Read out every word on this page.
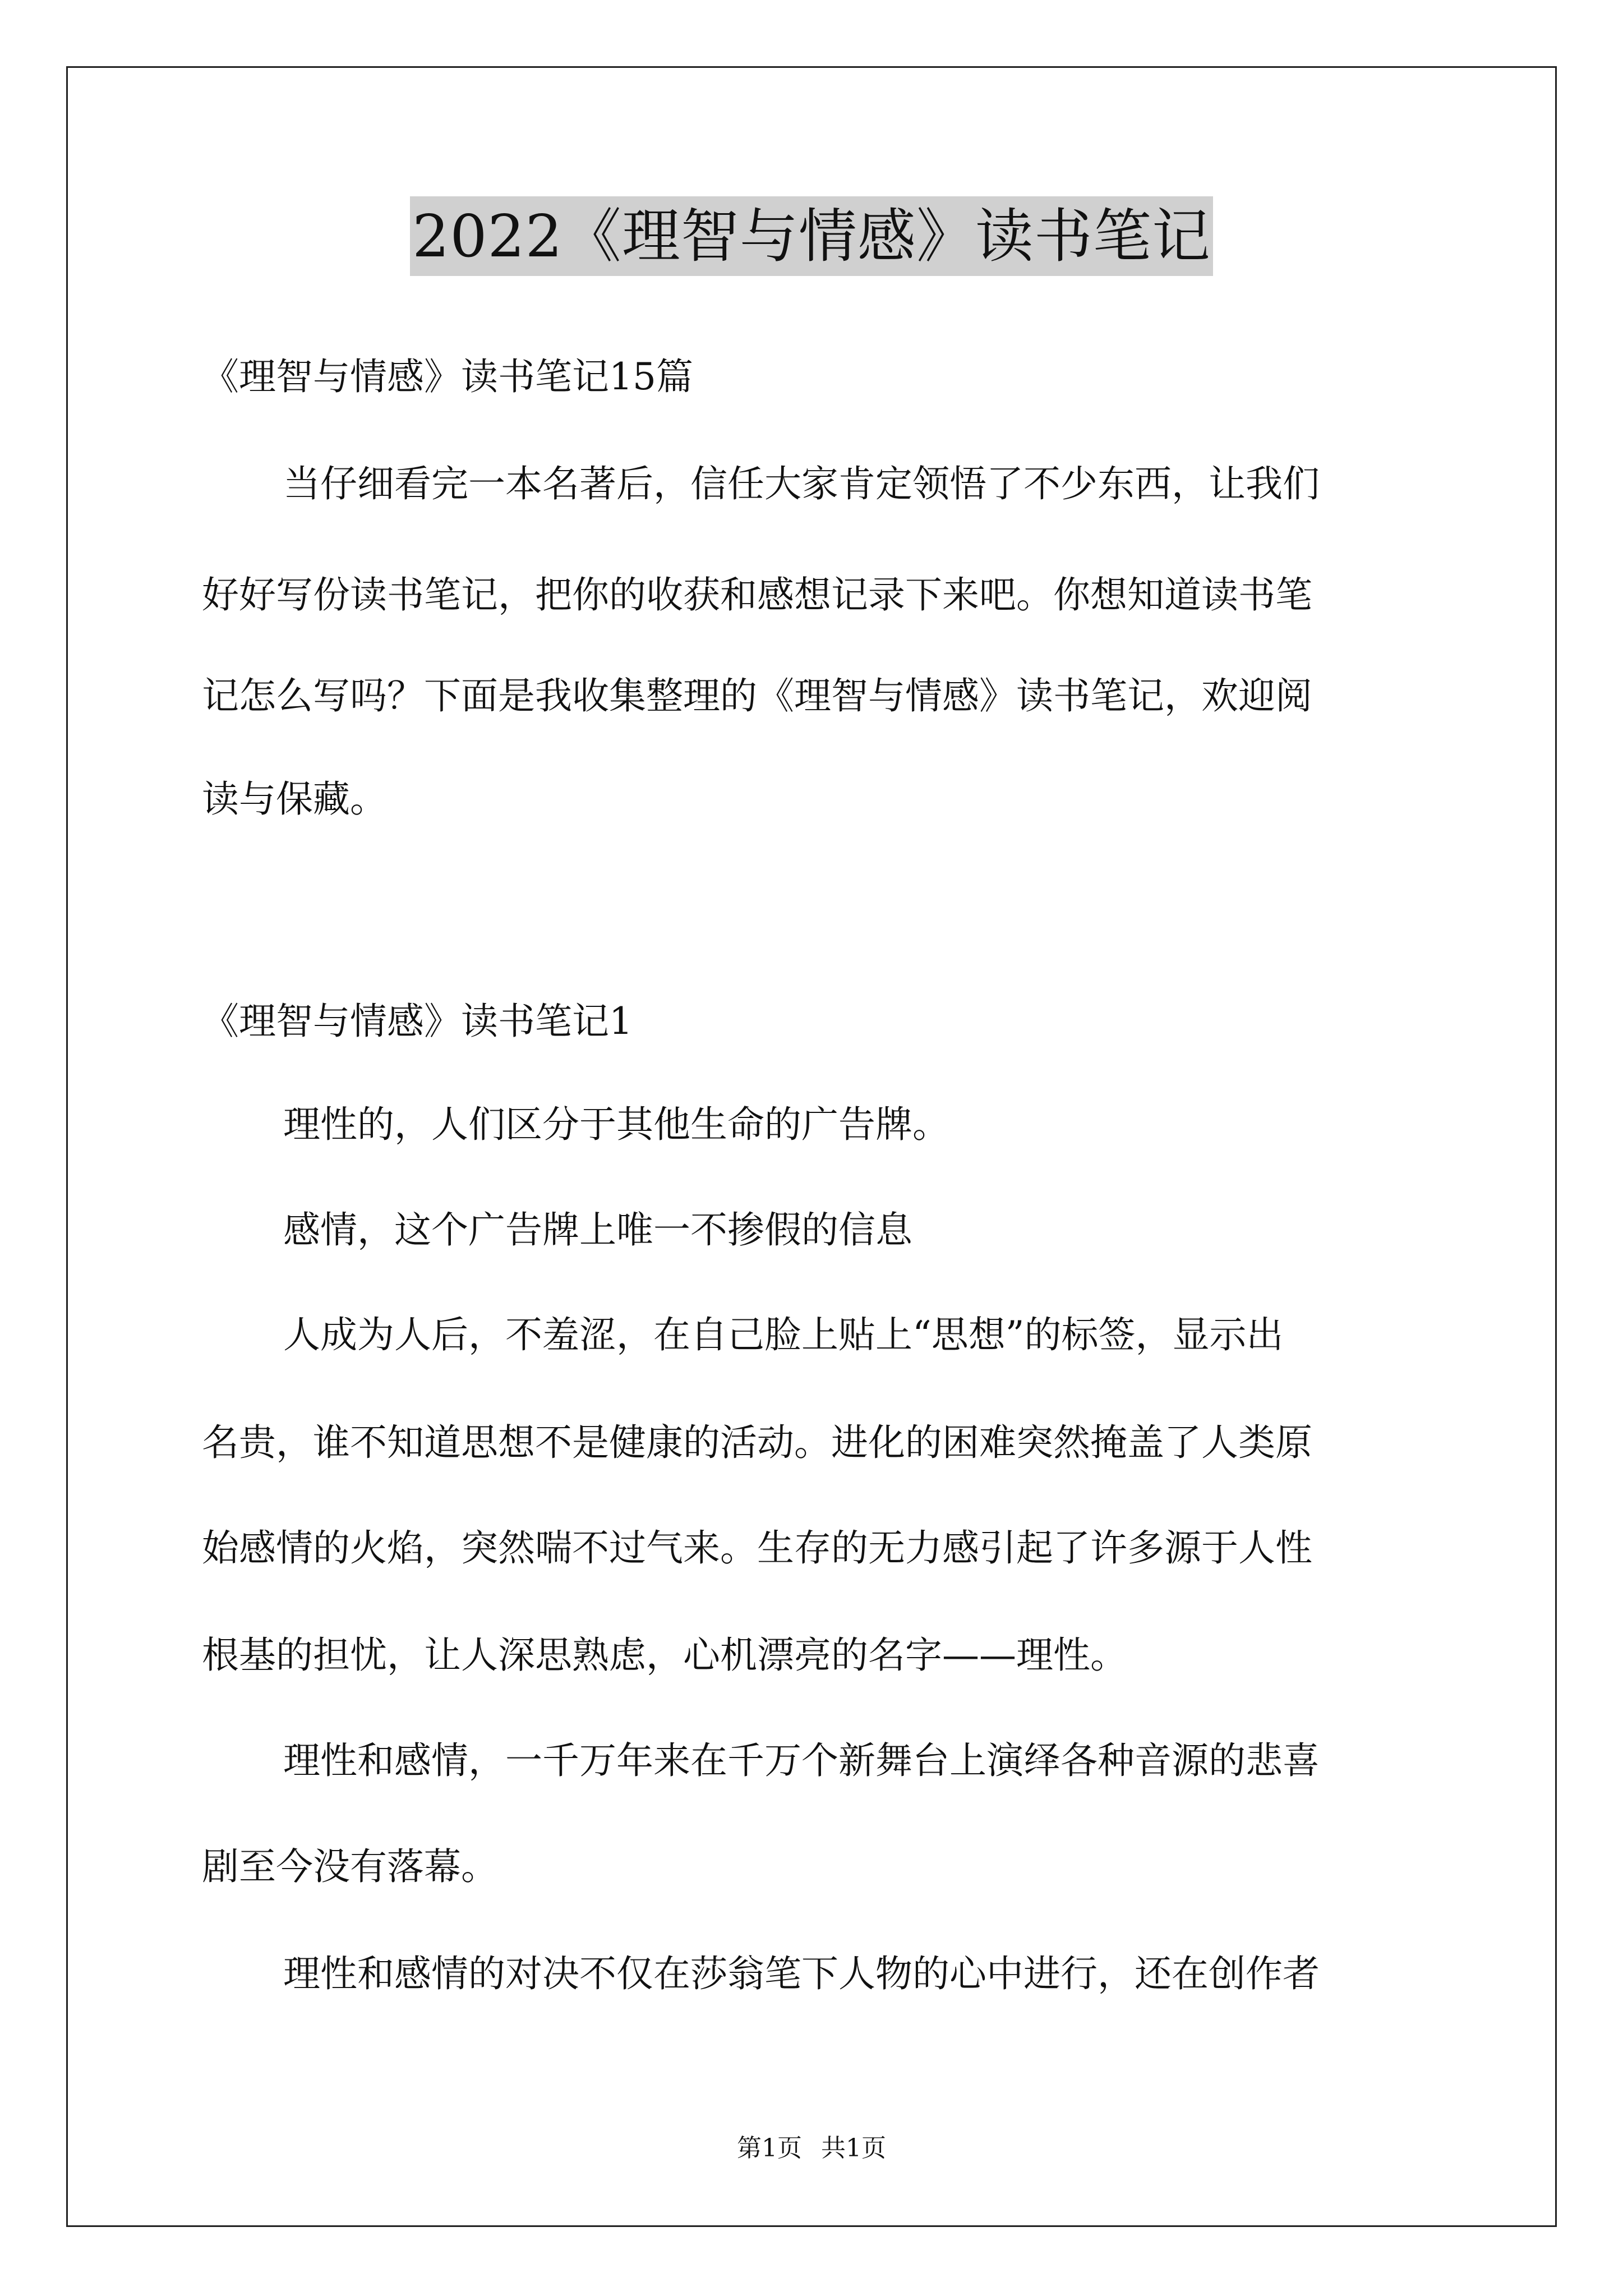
2022《理智与情感》读书笔记
《理智与情感》读书笔记15篇
当仔细看完一本名著后，信任大家肯定领悟了不少东西，让我们
好好写份读书笔记，把你的收获和感想记录下来吧。你想知道读书笔
记怎么写吗？下面是我收集整理的《理智与情感》读书笔记，欢迎阅
读与保藏。
《理智与情感》读书笔记1
理性的，人们区分于其他生命的广告牌。
感情，这个广告牌上唯一不掺假的信息
人成为人后，不羞涩，在自己脸上贴上“思想”的标签，显示出
名贵，谁不知道思想不是健康的活动。进化的困难突然掩盖了人类原
始感情的火焰，突然喘不过气来。生存的无力感引起了许多源于人性
根基的担忧，让人深思熟虑，心机漂亮的名字——理性。
理性和感情，一千万年来在千万个新舞台上演绎各种音源的悲喜
剧至今没有落幕。
理性和感情的对决不仅在莎翁笔下人物的心中进行，还在创作者
第1页 共1页
